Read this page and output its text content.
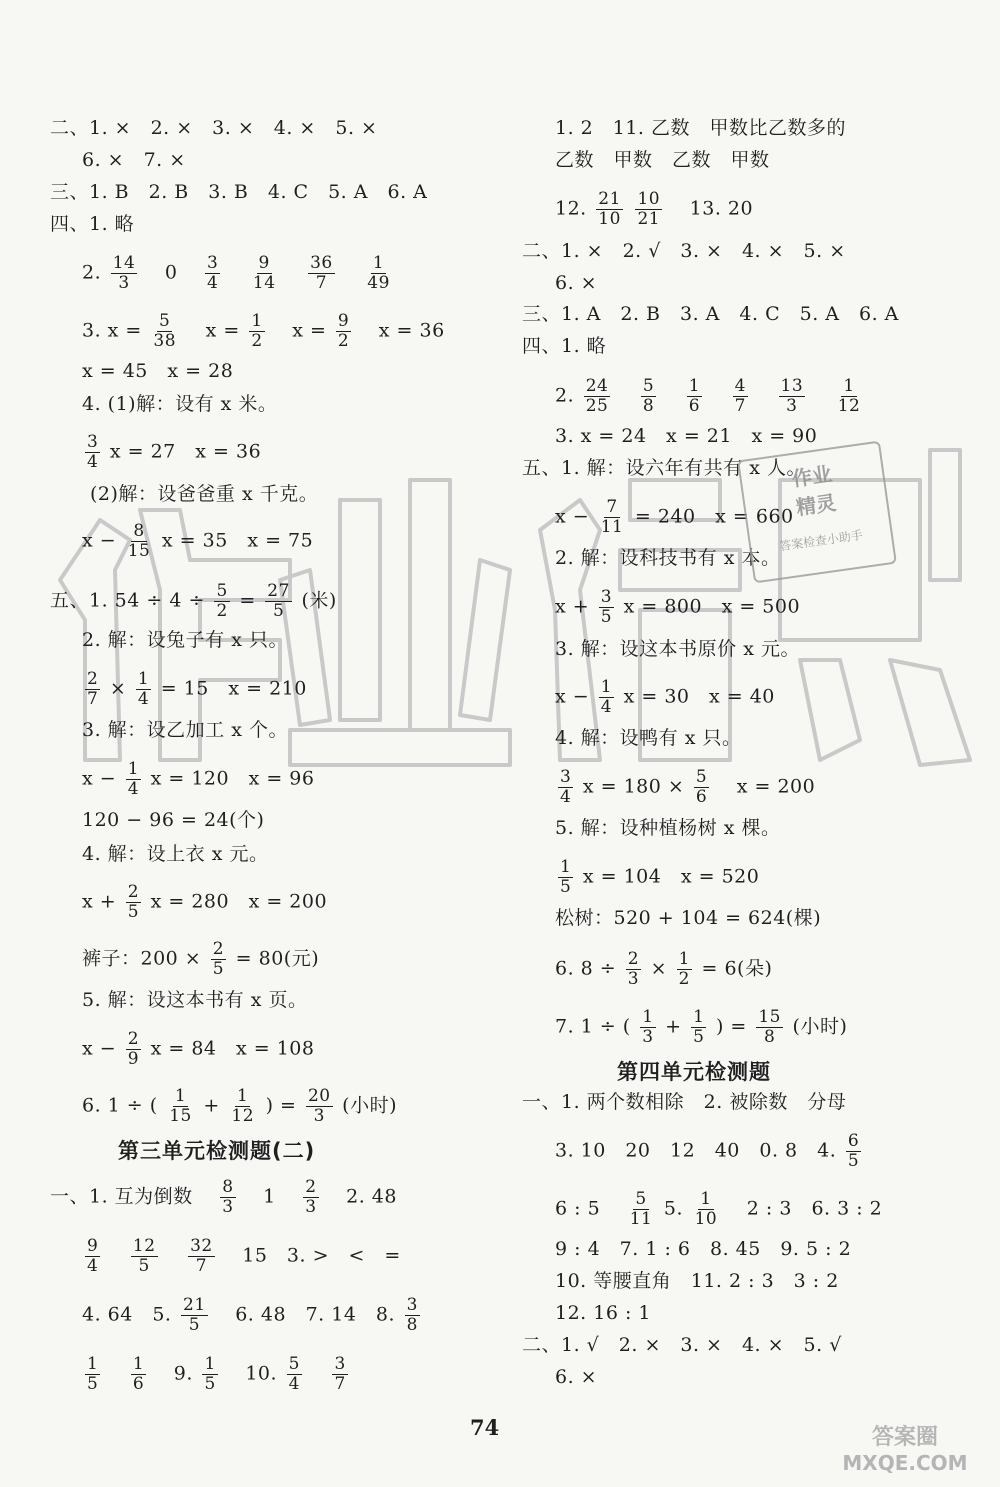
二、1. ×　2. ×　3. ×　4. ×　5. ×
6. ×　7. ×
三、1. B　2. B　3. B　4. C　5. A　6. A
四、1. 略
2. $\frac{14}{3} 0 \frac{3}{4}$
$\frac{9}{14}$
$\frac{36}{7}$
$\frac{1}{49}$
3. $x = \frac{5}{38}$ $x = \frac{1}{2}$ $x = \frac{9}{2}$ x = 36
x = 45　x = 28
4. (1)解：设有 x 米。
$\frac{3}{4}$ x = 27　x = 36
(2)解：设爸爸重 x 千克。
$x - \frac{8}{15}$ x = 35　x = 75
五、1. $54 \div 4 \div \frac{5}{2} = \frac{27}{5}$ (米)
2. 解：设兔子有 x 只。
$\frac{2}{7} \times \frac{1}{4} = 15$　x = 210
3. 解：设乙加工 x 个。
$x - \frac{1}{4}$ x = 120　x = 96
120 − 96 = 24(个)
4. 解：设上衣 x 元。
$x + \frac{2}{5}$ x = 280　x = 200
裤子：$200 \times \frac{2}{5} = 80$(元)
5. 解：设这本书有 x 页。
$x - \frac{2}{9}$ x = 84　x = 108
6. 1 ÷ ( $\frac{1}{15} + \frac{1}{12}$ ) = $\frac{20}{3}$ (小时)
第三单元检测题(二)
一、1. 互为倒数 $\frac{8}{3} 1 \frac{2}{3} 2$. 48
$\frac{9}{4}$
$\frac{12}{5}$
$\frac{32}{7} 15$　3. >　<　=
4. 64　5. $\frac{21}{5} 6$. 48　7. 14　8. $\frac{3}{8}$
$\frac{1}{5}$
$\frac{1}{6} 9$. $\frac{1}{5} 10$. $\frac{5}{4}$
$\frac{3}{7}$
1. 2　11. 乙数　甲数比乙数多的
乙数　甲数　乙数　甲数
12. $\frac{21}{10}$
$\frac{10}{21} 13$. 20
二、1. ×　2. √　3. ×　4. ×　5. ×
6. ×
三、1. A　2. B　3. A　4. C　5. A　6. A
四、1. 略
2. $\frac{24}{25}$
$\frac{5}{8}$
$\frac{1}{6}$
$\frac{4}{7}$
$\frac{13}{3}$
$\frac{1}{12}$
3. x = 24　x = 21　x = 90
五、1. 解：设六年有共有 x 人。
$x - \frac{7}{11} = 240$　x = 660
2. 解：设科技书有 x 本。
$x + \frac{3}{5}$ x = 800　x = 500
3. 解：设这本书原价 x 元。
$x - \frac{1}{4}$ x = 30　x = 40
4. 解：设鸭有 x 只。
$\frac{3}{4}$ $x = 180 \times \frac{5}{6}$ x = 200
5. 解：设种植杨树 x 棵。
$\frac{1}{5}$ x = 104　x = 520
松树：520 + 104 = 624(棵)
6. $8 \div \frac{2}{3} \times \frac{1}{2} = 6$(朵)
7. 1 ÷ ( $\frac{1}{3} + \frac{1}{5}$ ) = $\frac{15}{8}$ (小时)
第四单元检测题
一、1. 两个数相除　2. 被除数　分母
3. 10　20　12　40　0. 8　4. $\frac{6}{5}$
6 : $5 \frac{5}{11} 5$. $\frac{1}{10} 2$ : 3　6. 3 : 2
9 : 4　7. 1 : 6　8. 45　9. 5 : 2
10. 等腰直角　11. 2 : 3　3 : 2
12. 16 : 1
二、1. √　2. ×　3. ×　4. ×　5. √
6. ×
作业
精灵
答案检查小助手
74	答案圈
MXQE.COM
